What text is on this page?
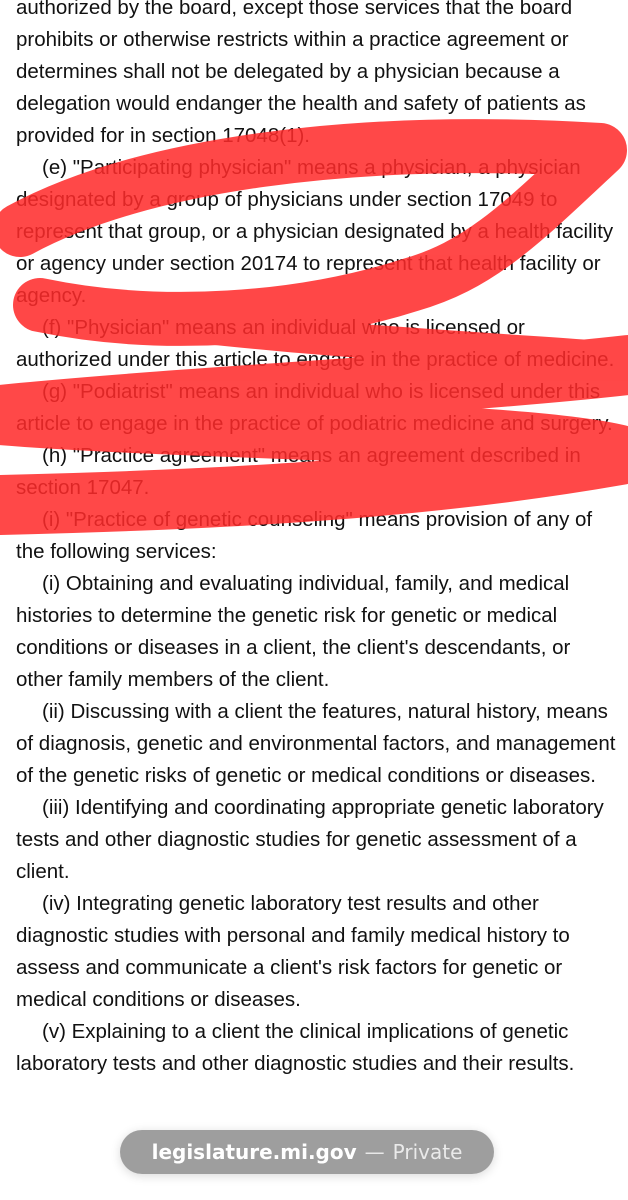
authorized by the board, except those services that the board prohibits or otherwise restricts within a practice agreement or determines shall not be delegated by a physician because a delegation would endanger the health and safety of patients as provided for in section 17048(1).

(e) "Participating physician" means a physician, a physician designated by a group of physicians under section 17049 to represent that group, or a physician designated by a health facility or agency under section 20174 to represent that health facility or agency.

(f) "Physician" means an individual who is licensed or authorized under this article to engage in the practice of medicine.

(g) "Podiatrist" means an individual who is licensed under this article to engage in the practice of podiatric medicine and surgery.

(h) "Practice agreement" means an agreement described in section 17047.

(i) "Practice of genetic counseling" means provision of any of the following services:

(i) Obtaining and evaluating individual, family, and medical histories to determine the genetic risk for genetic or medical conditions or diseases in a client, the client's descendants, or other family members of the client.

(ii) Discussing with a client the features, natural history, means of diagnosis, genetic and environmental factors, and management of the genetic risks of genetic or medical conditions or diseases.

(iii) Identifying and coordinating appropriate genetic laboratory tests and other diagnostic studies for genetic assessment of a client.

(iv) Integrating genetic laboratory test results and other diagnostic studies with personal and family medical history to assess and communicate a client's risk factors for genetic or medical conditions or diseases.

(v) Explaining to a client the clinical implications of genetic laboratory tests and other diagnostic studies and their results.

legislature.mi.gov — Private
